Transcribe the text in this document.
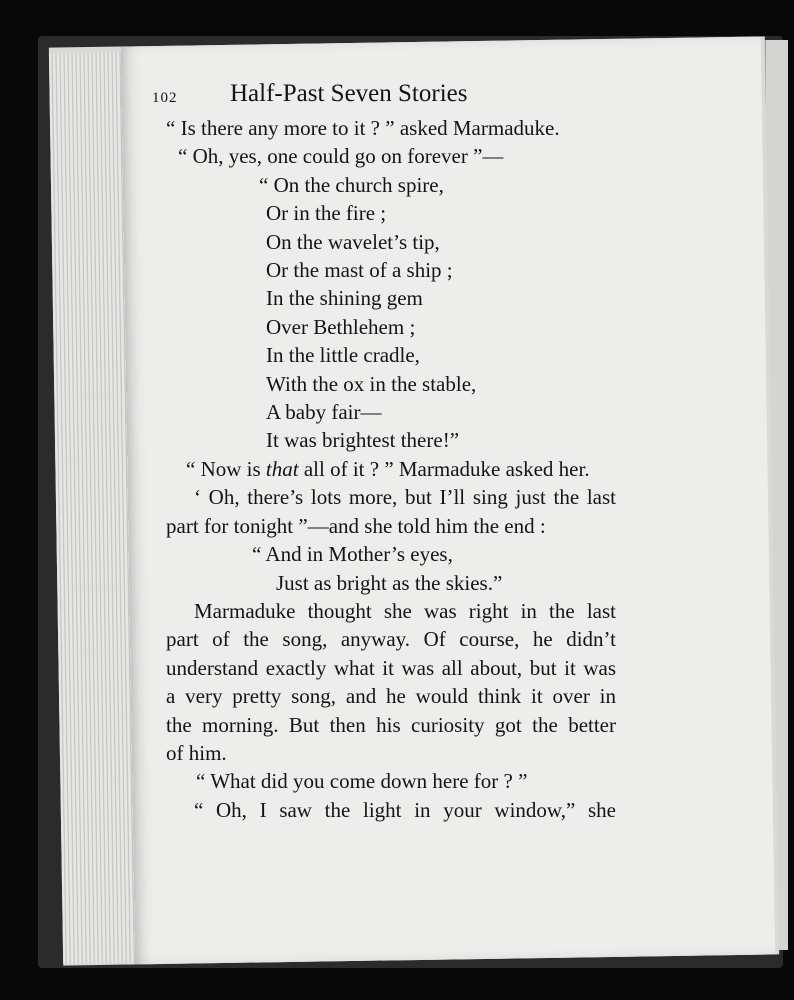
102 Half-Past Seven Stories
“ Is there any more to it ? ” asked Marmaduke.
“ Oh, yes, one could go on forever ”—
“ On the church spire,
Or in the fire ;
On the wavelet’s tip,
Or the mast of a ship ;
In the shining gem
Over Bethlehem ;
In the little cradle,
With the ox in the stable,
A baby fair—
It was brightest there!”
“ Now is that all of it ? ” Marmaduke asked her.
‘ Oh, there’s lots more, but I’ll sing just the last
part for tonight ”—and she told him the end :
“ And in Mother’s eyes,
Just as bright as the skies.”
Marmaduke thought she was right in the last
part of the song, anyway. Of course, he didn’t
understand exactly what it was all about, but it was
a very pretty song, and he would think it over in
the morning. But then his curiosity got the better
of him.
“ What did you come down here for ? ”
“ Oh, I saw the light in your window,” she
